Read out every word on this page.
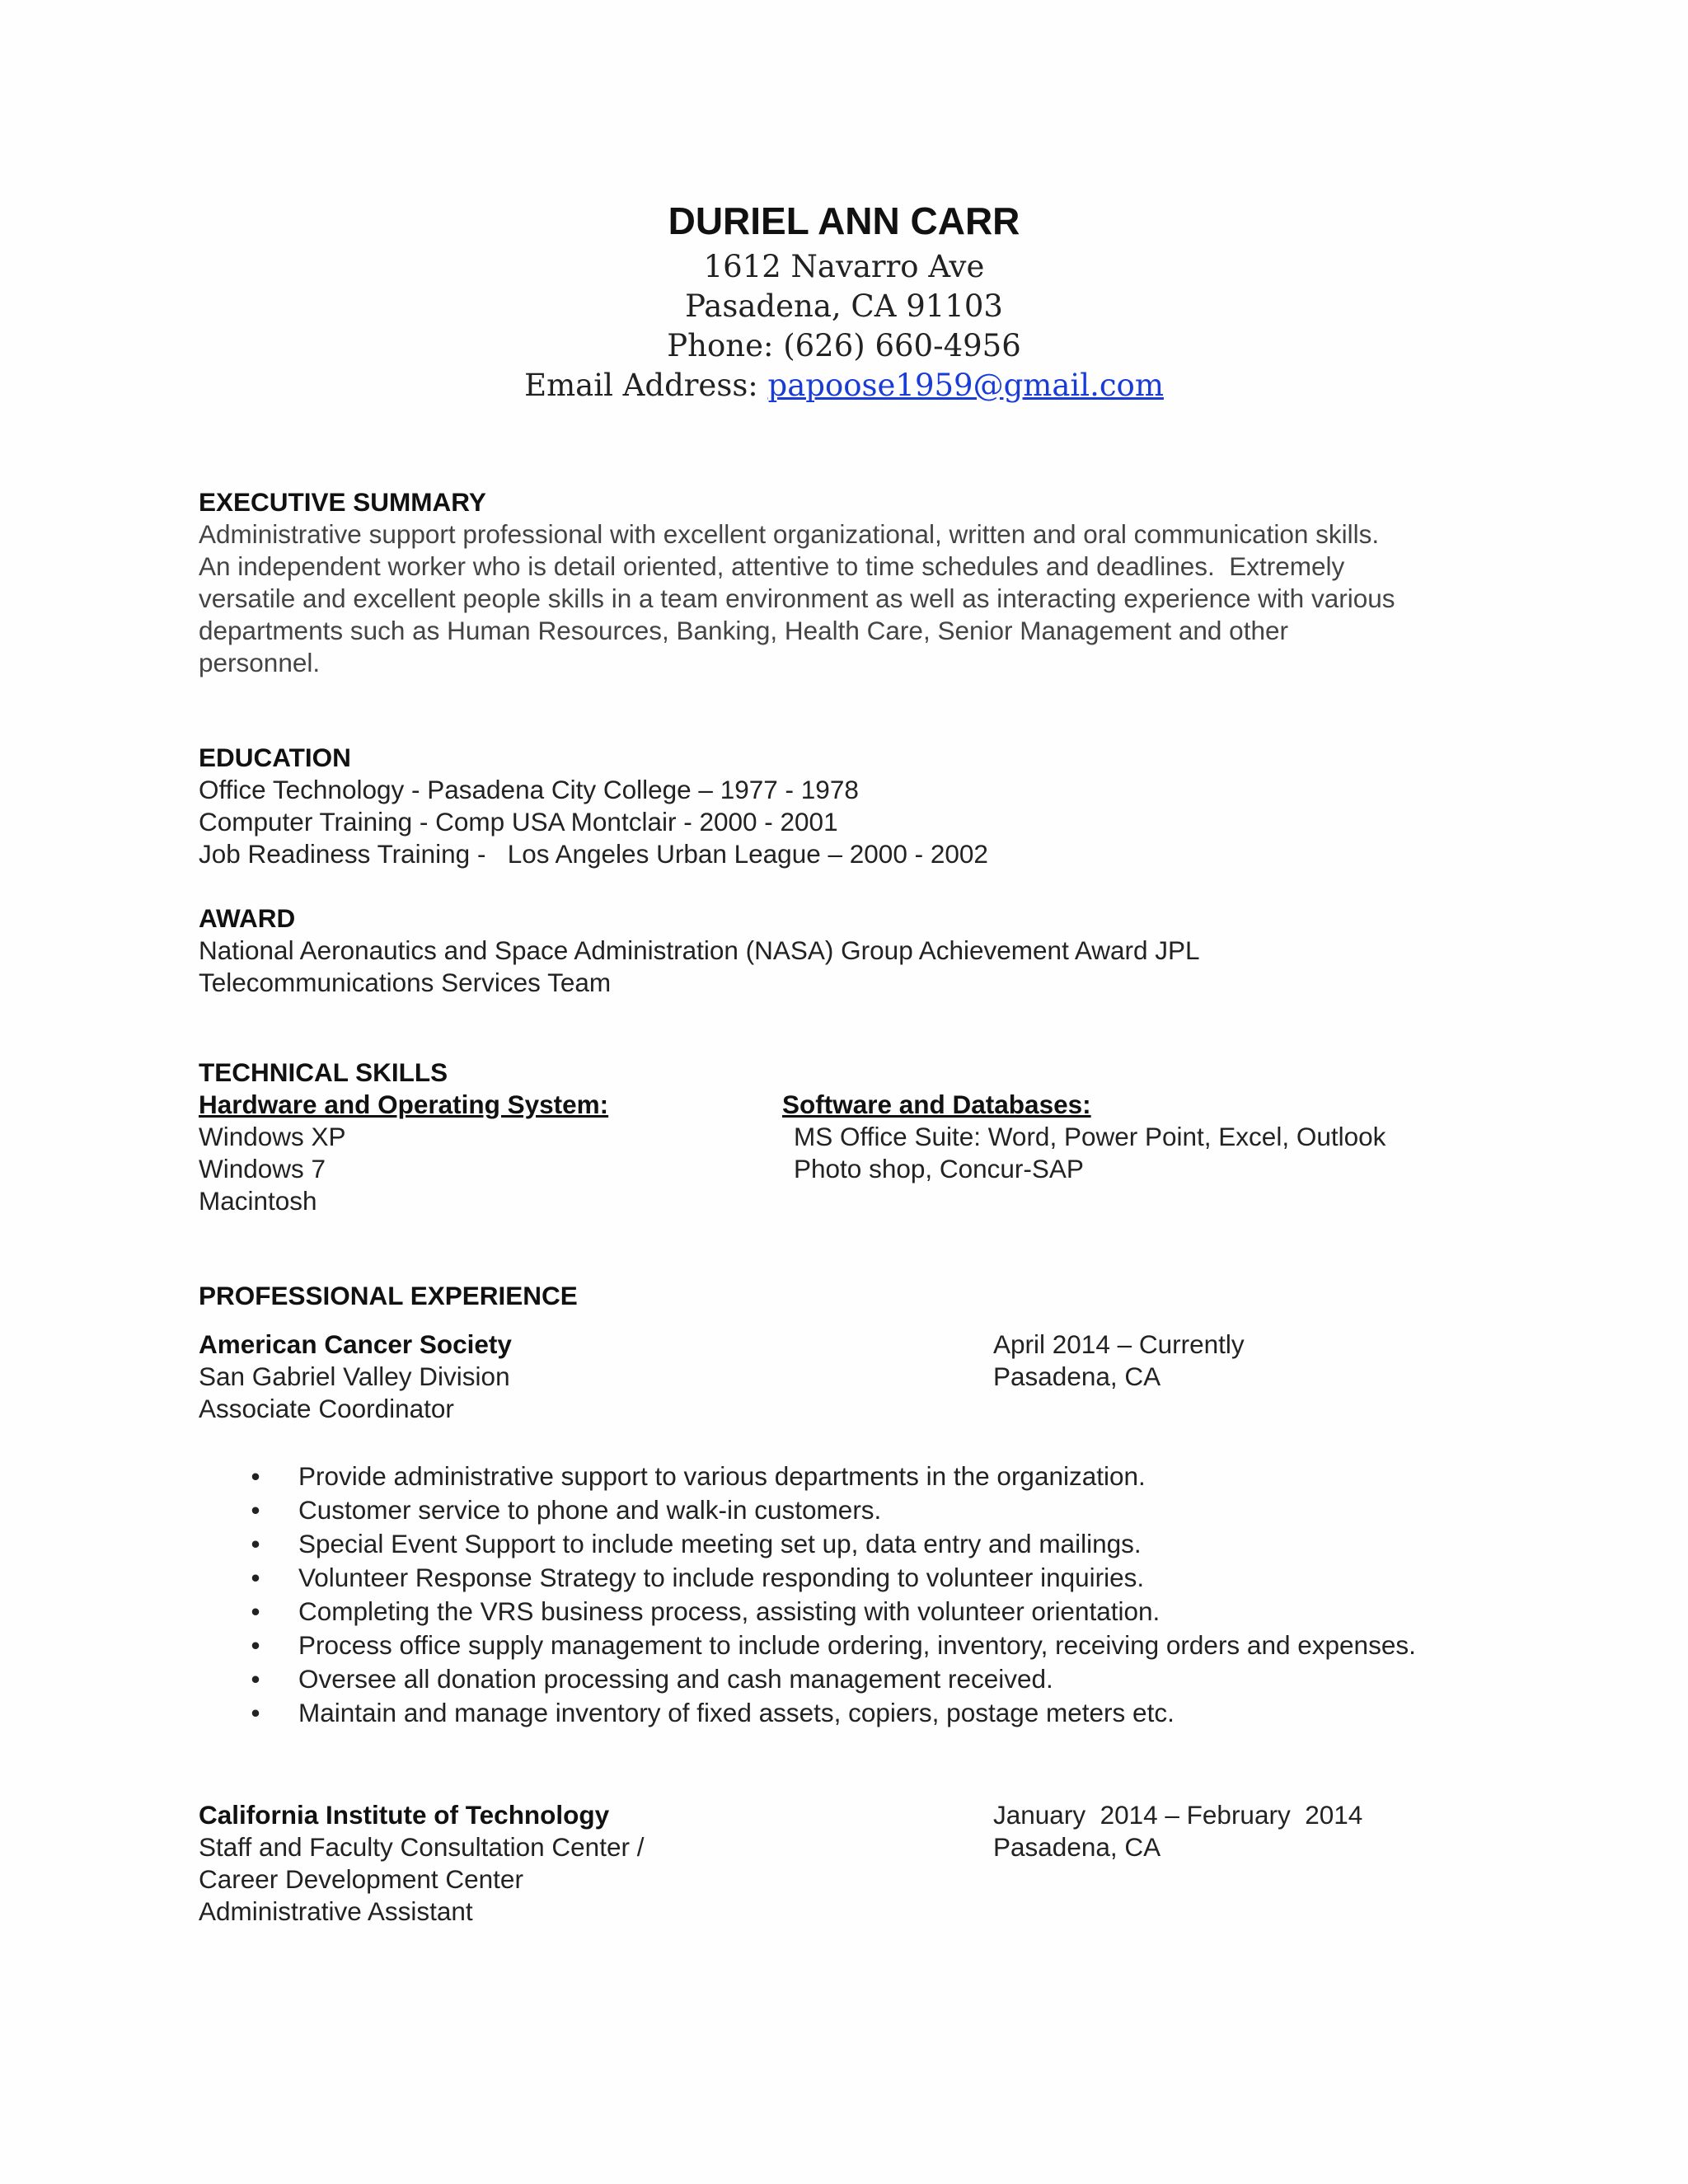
DURIEL ANN CARR
1612 Navarro Ave
Pasadena, CA 91103
Phone: (626) 660-4956
Email Address: papoose1959@gmail.com
EXECUTIVE SUMMARY
Administrative support professional with excellent organizational, written and oral communication skills.
An independent worker who is detail oriented, attentive to time schedules and deadlines.  Extremely
versatile and excellent people skills in a team environment as well as interacting experience with various
departments such as Human Resources, Banking, Health Care, Senior Management and other
personnel.
EDUCATION
Office Technology - Pasadena City College – 1977 - 1978
Computer Training - Comp USA Montclair - 2000 - 2001
Job Readiness Training -   Los Angeles Urban League – 2000 - 2002
AWARD
National Aeronautics and Space Administration (NASA) Group Achievement Award JPL
Telecommunications Services Team
TECHNICAL SKILLS
Hardware and Operating System:
Windows XP
Windows 7
Macintosh
Software and Databases:
MS Office Suite: Word, Power Point, Excel, Outlook
Photo shop, Concur-SAP
PROFESSIONAL EXPERIENCE
American Cancer Society
San Gabriel Valley Division
Associate Coordinator
April 2014 – Currently
Pasadena, CA
• Provide administrative support to various departments in the organization.
• Customer service to phone and walk-in customers.
• Special Event Support to include meeting set up, data entry and mailings.
• Volunteer Response Strategy to include responding to volunteer inquiries.
• Completing the VRS business process, assisting with volunteer orientation.
• Process office supply management to include ordering, inventory, receiving orders and expenses.
• Oversee all donation processing and cash management received.
• Maintain and manage inventory of fixed assets, copiers, postage meters etc.
California Institute of Technology
Staff and Faculty Consultation Center /
Career Development Center
Administrative Assistant
January  2014 – February  2014
Pasadena, CA
